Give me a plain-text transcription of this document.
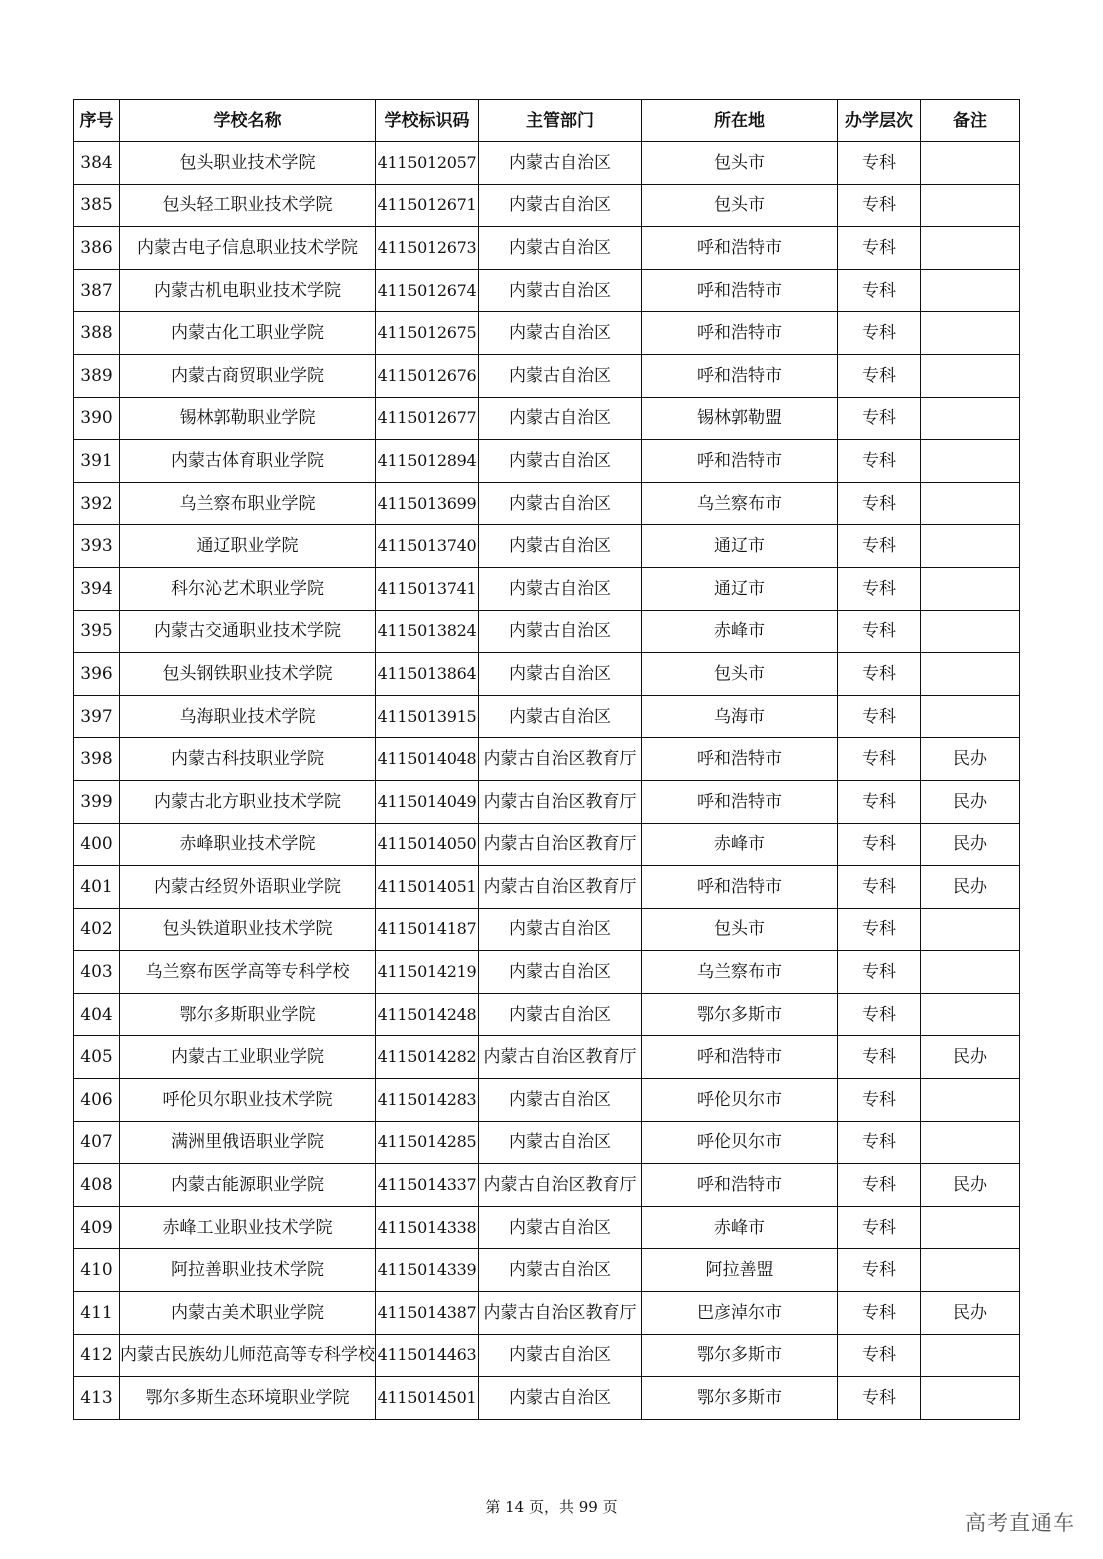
序号	学校名称	学校标识码	主管部门	所在地	办学层次	备注
384	包头职业技术学院	4115012057	内蒙古自治区	包头市	专科	
385	包头轻工职业技术学院	4115012671	内蒙古自治区	包头市	专科	
386	内蒙古电子信息职业技术学院	4115012673	内蒙古自治区	呼和浩特市	专科	
387	内蒙古机电职业技术学院	4115012674	内蒙古自治区	呼和浩特市	专科	
388	内蒙古化工职业学院	4115012675	内蒙古自治区	呼和浩特市	专科	
389	内蒙古商贸职业学院	4115012676	内蒙古自治区	呼和浩特市	专科	
390	锡林郭勒职业学院	4115012677	内蒙古自治区	锡林郭勒盟	专科	
391	内蒙古体育职业学院	4115012894	内蒙古自治区	呼和浩特市	专科	
392	乌兰察布职业学院	4115013699	内蒙古自治区	乌兰察布市	专科	
393	通辽职业学院	4115013740	内蒙古自治区	通辽市	专科	
394	科尔沁艺术职业学院	4115013741	内蒙古自治区	通辽市	专科	
395	内蒙古交通职业技术学院	4115013824	内蒙古自治区	赤峰市	专科	
396	包头钢铁职业技术学院	4115013864	内蒙古自治区	包头市	专科	
397	乌海职业技术学院	4115013915	内蒙古自治区	乌海市	专科	
398	内蒙古科技职业学院	4115014048	内蒙古自治区教育厅	呼和浩特市	专科	民办
399	内蒙古北方职业技术学院	4115014049	内蒙古自治区教育厅	呼和浩特市	专科	民办
400	赤峰职业技术学院	4115014050	内蒙古自治区教育厅	赤峰市	专科	民办
401	内蒙古经贸外语职业学院	4115014051	内蒙古自治区教育厅	呼和浩特市	专科	民办
402	包头铁道职业技术学院	4115014187	内蒙古自治区	包头市	专科	
403	乌兰察布医学高等专科学校	4115014219	内蒙古自治区	乌兰察布市	专科	
404	鄂尔多斯职业学院	4115014248	内蒙古自治区	鄂尔多斯市	专科	
405	内蒙古工业职业学院	4115014282	内蒙古自治区教育厅	呼和浩特市	专科	民办
406	呼伦贝尔职业技术学院	4115014283	内蒙古自治区	呼伦贝尔市	专科	
407	满洲里俄语职业学院	4115014285	内蒙古自治区	呼伦贝尔市	专科	
408	内蒙古能源职业学院	4115014337	内蒙古自治区教育厅	呼和浩特市	专科	民办
409	赤峰工业职业技术学院	4115014338	内蒙古自治区	赤峰市	专科	
410	阿拉善职业技术学院	4115014339	内蒙古自治区	阿拉善盟	专科	
411	内蒙古美术职业学院	4115014387	内蒙古自治区教育厅	巴彦淖尔市	专科	民办
412	内蒙古民族幼儿师范高等专科学校	4115014463	内蒙古自治区	鄂尔多斯市	专科	
413	鄂尔多斯生态环境职业学院	4115014501	内蒙古自治区	鄂尔多斯市	专科	
第 14 页，共 99 页
高考直通车
